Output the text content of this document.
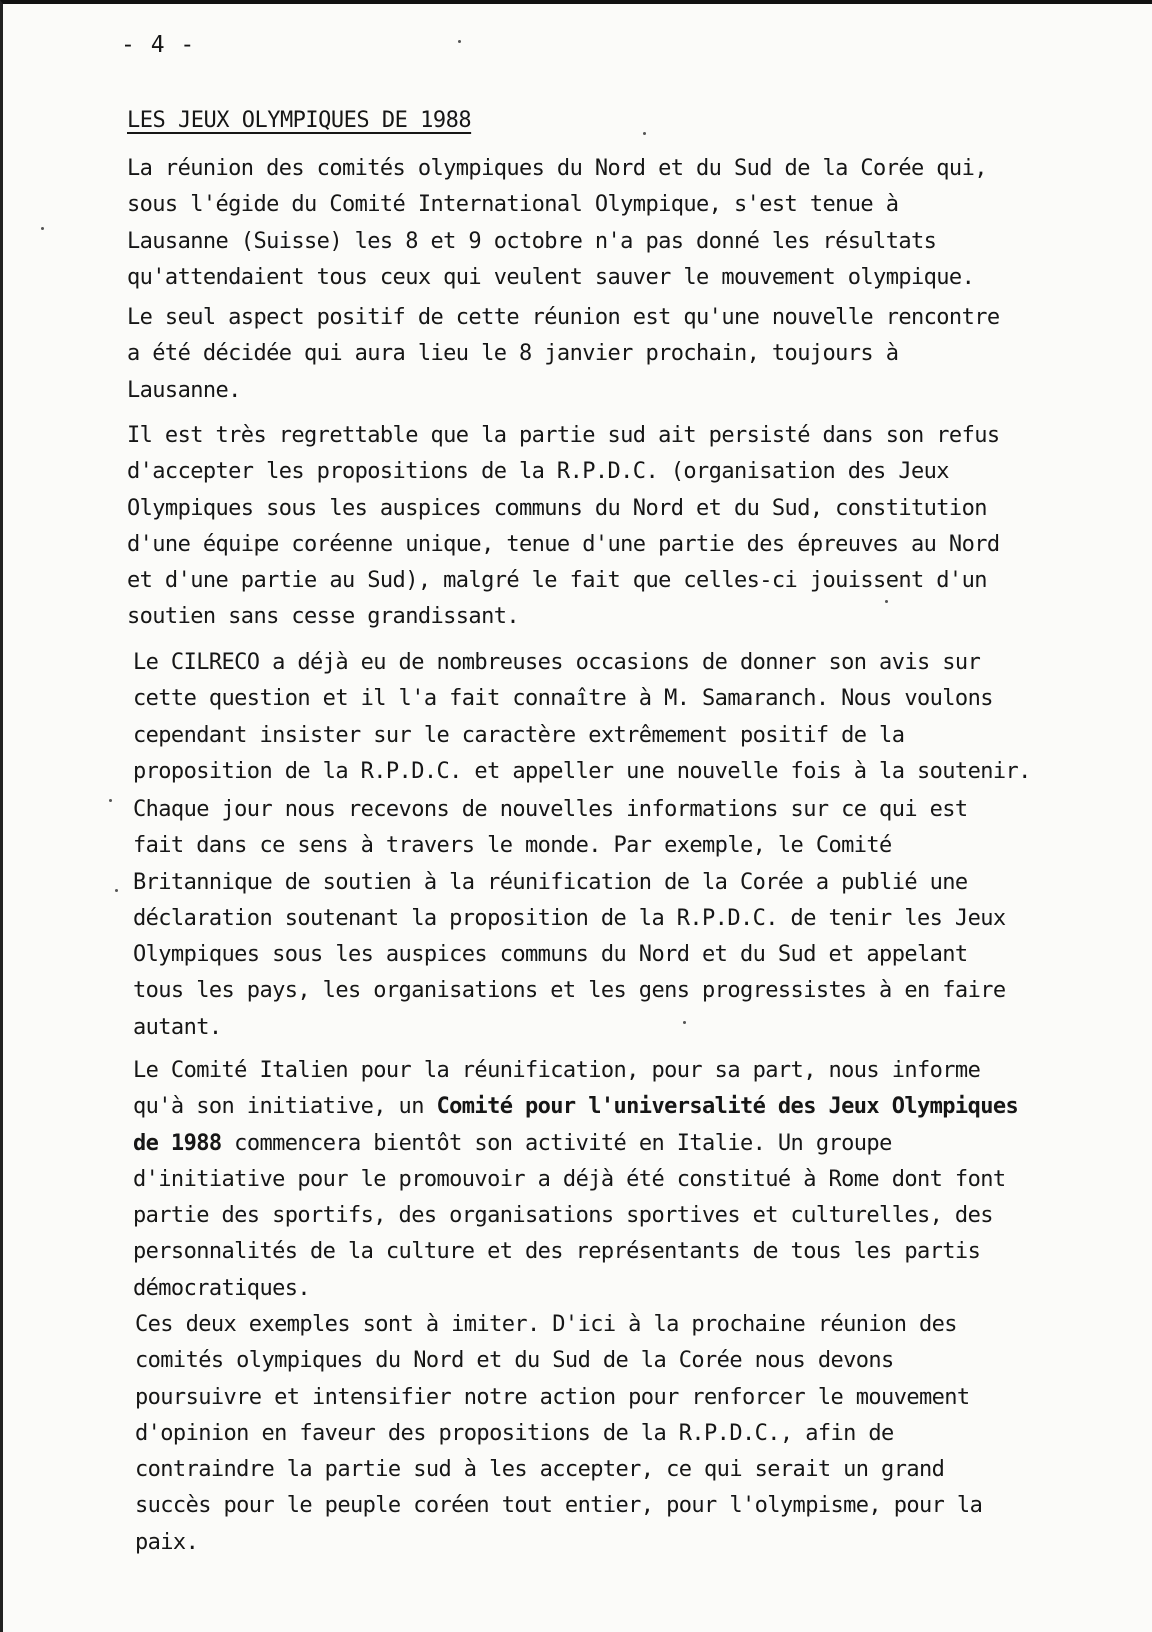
- 4 -
LES JEUX OLYMPIQUES DE 1988
La réunion des comités olympiques du Nord et du Sud de la Corée qui,
sous l'égide du Comité International Olympique, s'est tenue à
Lausanne (Suisse) les 8 et 9 octobre n'a pas donné les résultats
qu'attendaient tous ceux qui veulent sauver le mouvement olympique.
Le seul aspect positif de cette réunion est qu'une nouvelle rencontre
a été décidée qui aura lieu le 8 janvier prochain, toujours à
Lausanne.
Il est très regrettable que la partie sud ait persisté dans son refus
d'accepter les propositions de la R.P.D.C. (organisation des Jeux
Olympiques sous les auspices communs du Nord et du Sud, constitution
d'une équipe coréenne unique, tenue d'une partie des épreuves au Nord
et d'une partie au Sud), malgré le fait que celles-ci jouissent d'un
soutien sans cesse grandissant.
Le CILRECO a déjà eu de nombreuses occasions de donner son avis sur
cette question et il l'a fait connaître à M. Samaranch. Nous voulons
cependant insister sur le caractère extrêmement positif de la
proposition de la R.P.D.C. et appeller une nouvelle fois à la soutenir.
Chaque jour nous recevons de nouvelles informations sur ce qui est
fait dans ce sens à travers le monde. Par exemple, le Comité
Britannique de soutien à la réunification de la Corée a publié une
déclaration soutenant la proposition de la R.P.D.C. de tenir les Jeux
Olympiques sous les auspices communs du Nord et du Sud et appelant
tous les pays, les organisations et les gens progressistes à en faire
autant.
Le Comité Italien pour la réunification, pour sa part, nous informe
qu'à son initiative, un Comité pour l'universalité des Jeux Olympiques
de 1988 commencera bientôt son activité en Italie. Un groupe
d'initiative pour le promouvoir a déjà été constitué à Rome dont font
partie des sportifs, des organisations sportives et culturelles, des
personnalités de la culture et des représentants de tous les partis
démocratiques.
Ces deux exemples sont à imiter. D'ici à la prochaine réunion des
comités olympiques du Nord et du Sud de la Corée nous devons
poursuivre et intensifier notre action pour renforcer le mouvement
d'opinion en faveur des propositions de la R.P.D.C., afin de
contraindre la partie sud à les accepter, ce qui serait un grand
succès pour le peuple coréen tout entier, pour l'olympisme, pour la
paix.
